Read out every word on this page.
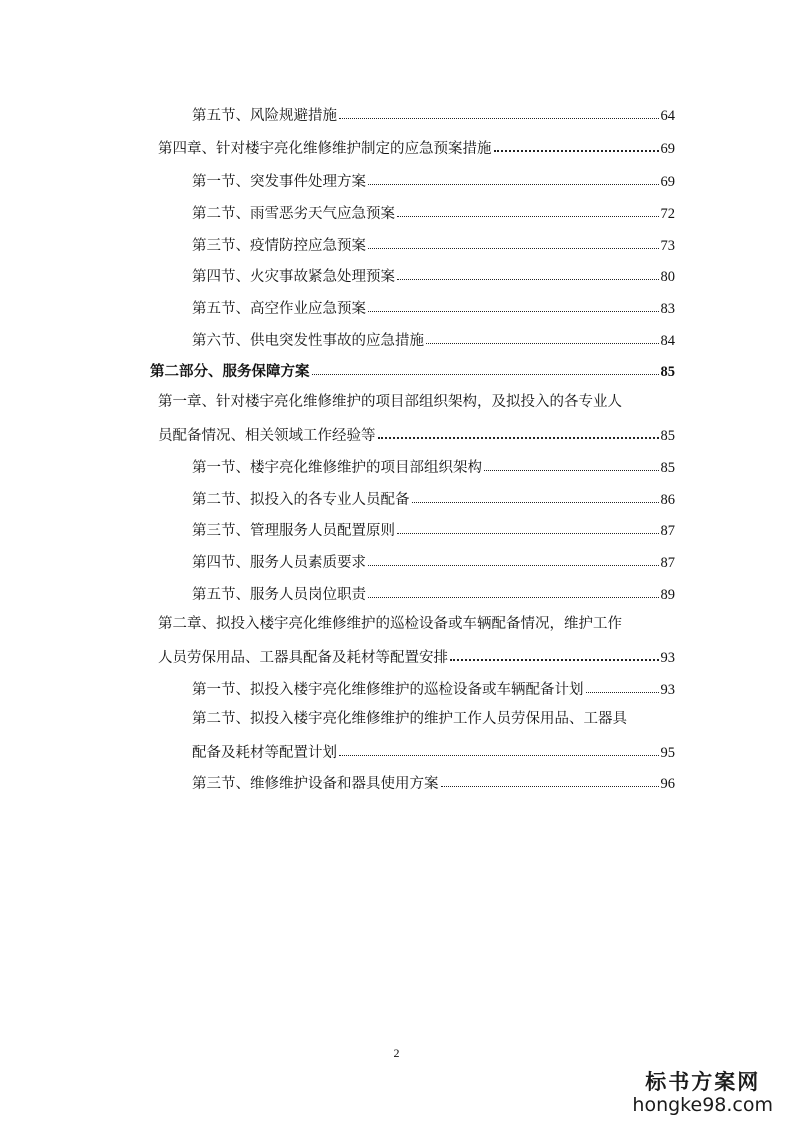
第五节、风险规避措施	64
第四章、针对楼宇亮化维修维护制定的应急预案措施	69
第一节、突发事件处理方案	69
第二节、雨雪恶劣天气应急预案	72
第三节、疫情防控应急预案	73
第四节、火灾事故紧急处理预案	80
第五节、高空作业应急预案	83
第六节、供电突发性事故的应急措施	84
第二部分、服务保障方案	85
第一章、针对楼宇亮化维修维护的项目部组织架构，及拟投入的各专业人
员配备情况、相关领域工作经验等	85
第一节、楼宇亮化维修维护的项目部组织架构	85
第二节、拟投入的各专业人员配备	86
第三节、管理服务人员配置原则	87
第四节、服务人员素质要求	87
第五节、服务人员岗位职责	89
第二章、拟投入楼宇亮化维修维护的巡检设备或车辆配备情况，维护工作
人员劳保用品、工器具配备及耗材等配置安排	93
第一节、拟投入楼宇亮化维修维护的巡检设备或车辆配备计划	93
第二节、拟投入楼宇亮化维修维护的维护工作人员劳保用品、工器具
配备及耗材等配置计划	95
第三节、维修维护设备和器具使用方案	96
2
标书方案网
hongke98.com
